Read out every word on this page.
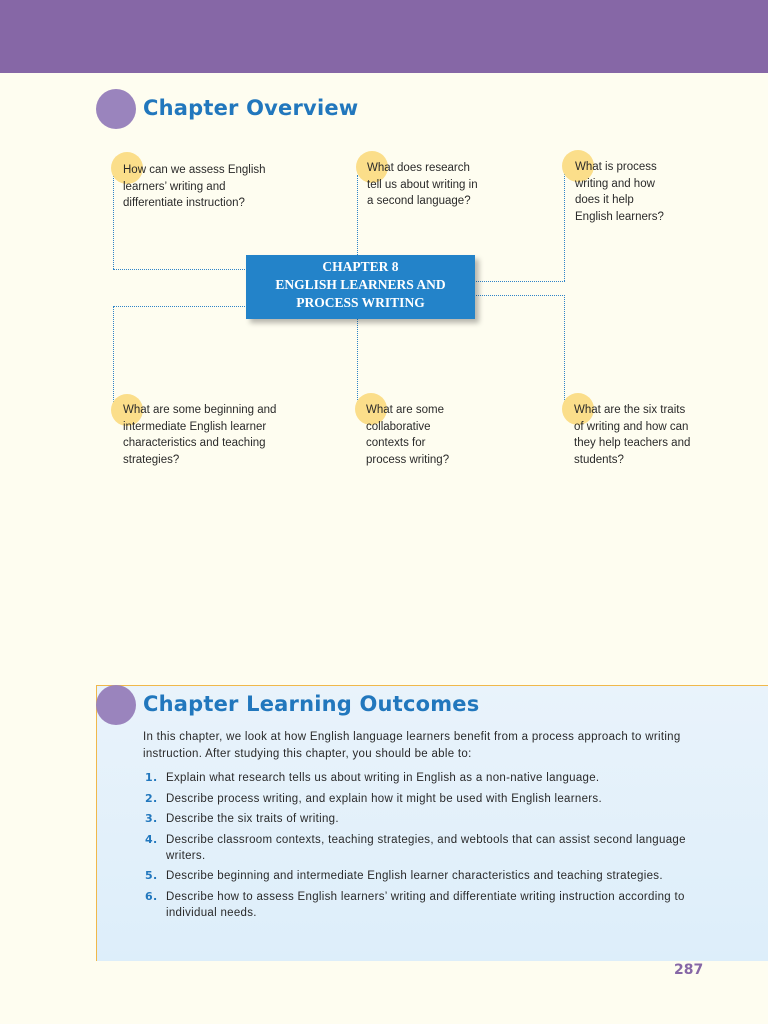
Chapter Overview
How can we assess English learners’ writing and differentiate instruction?
What does research tell us about writing in a second language?
What is process writing and how does it help English learners?
What are some beginning and intermediate English learner characteristics and teaching strategies?
What are some collaborative contexts for process writing?
What are the six traits of writing and how can they help teachers and students?
CHAPTER 8
ENGLISH LEARNERS AND
PROCESS WRITING
Chapter Learning Outcomes
In this chapter, we look at how English language learners benefit from a process approach to writing instruction. After studying this chapter, you should be able to:
1. Explain what research tells us about writing in English as a non-native language.
2. Describe process writing, and explain how it might be used with English learners.
3. Describe the six traits of writing.
4. Describe classroom contexts, teaching strategies, and webtools that can assist second language writers.
5. Describe beginning and intermediate English learner characteristics and teaching strategies.
6. Describe how to assess English learners’ writing and differentiate writing instruction according to individual needs.
287
